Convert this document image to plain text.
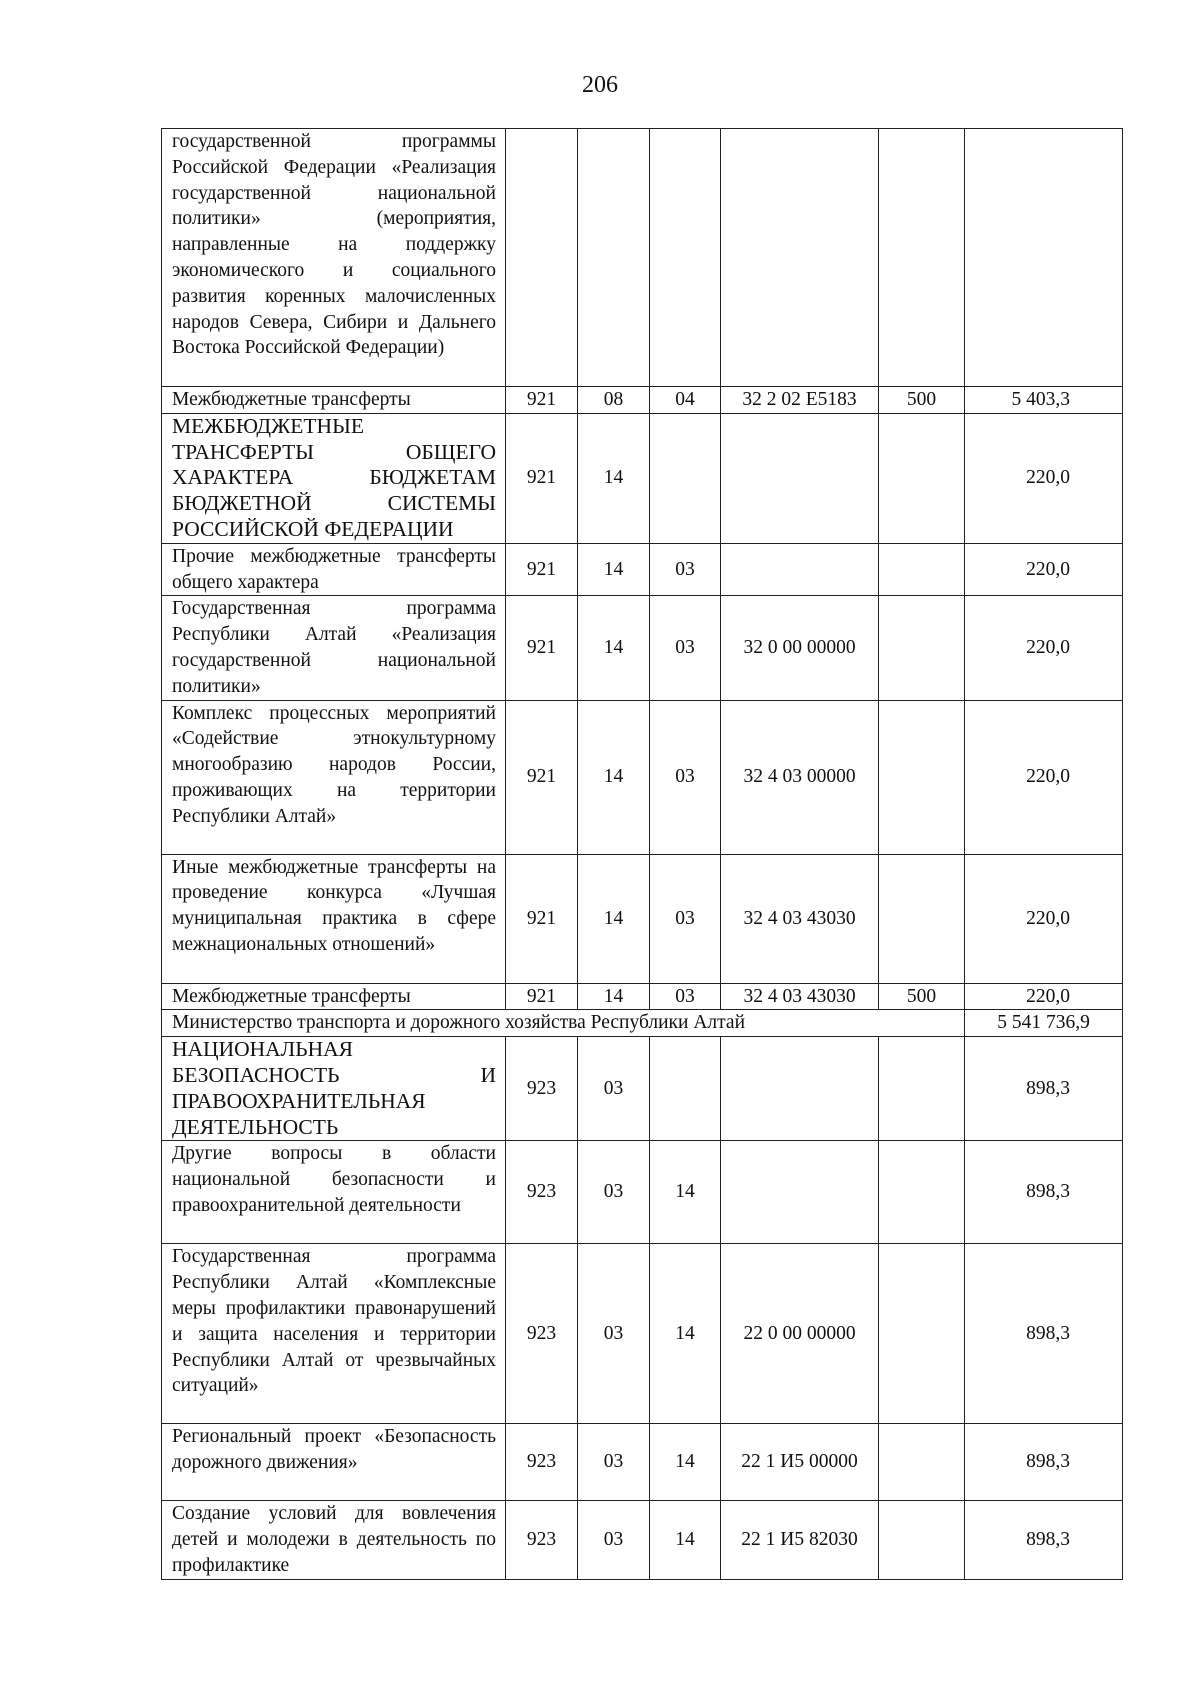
206
государственной программы Российской Федерации «Реализация государственной национальной политики» (мероприятия, направленные на поддержку экономического и социального развития коренных малочисленных народов Севера, Сибири и Дальнего Востока Российской Федерации)						
Межбюджетные трансферты	921	08	04	32 2 02 Е5183	500	5 403,3
МЕЖБЮДЖЕТНЫЕ ТРАНСФЕРТЫ ОБЩЕГО ХАРАКТЕРА БЮДЖЕТАМ БЮДЖЕТНОЙ СИСТЕМЫ РОССИЙСКОЙ ФЕДЕРАЦИИ	921	14				220,0
Прочие межбюджетные трансферты общего характера	921	14	03			220,0
Государственная программа Республики Алтай «Реализация государственной национальной политики»	921	14	03	32 0 00 00000		220,0
Комплекс процессных мероприятий «Содействие этнокультурному многообразию народов России, проживающих на территории Республики Алтай»	921	14	03	32 4 03 00000		220,0
Иные межбюджетные трансферты на проведение конкурса «Лучшая муниципальная практика в сфере межнациональных отношений»	921	14	03	32 4 03 43030		220,0
Межбюджетные трансферты	921	14	03	32 4 03 43030	500	220,0
Министерство транспорта и дорожного хозяйства Республики Алтай						5 541 736,9
НАЦИОНАЛЬНАЯ БЕЗОПАСНОСТЬ И ПРАВООХРАНИТЕЛЬНАЯ ДЕЯТЕЛЬНОСТЬ	923	03				898,3
Другие вопросы в области национальной безопасности и правоохранительной деятельности	923	03	14			898,3
Государственная программа Республики Алтай «Комплексные меры профилактики правонарушений и защита населения и территории Республики Алтай от чрезвычайных ситуаций»	923	03	14	22 0 00 00000		898,3
Региональный проект «Безопасность дорожного движения»	923	03	14	22 1 И5 00000		898,3
Создание условий для вовлечения детей и молодежи в деятельность по профилактике	923	03	14	22 1 И5 82030		898,3
